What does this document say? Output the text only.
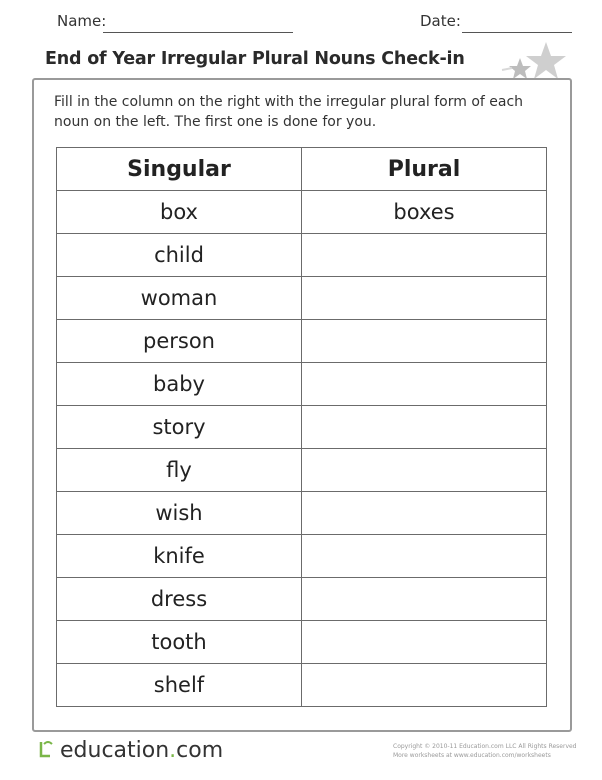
Name:	Date:
End of Year Irregular Plural Nouns Check-in
Fill in the column on the right with the irregular plural form of each noun on the left. The first one is done for you.
Singular	Plural
box	boxes
child	
woman	
person	
baby	
story	
fly	
wish	
knife	
dress	
tooth	
shelf	
education.com	Copyright © 2010-11 Education.com LLC All Rights Reserved
More worksheets at www.education.com/worksheets
